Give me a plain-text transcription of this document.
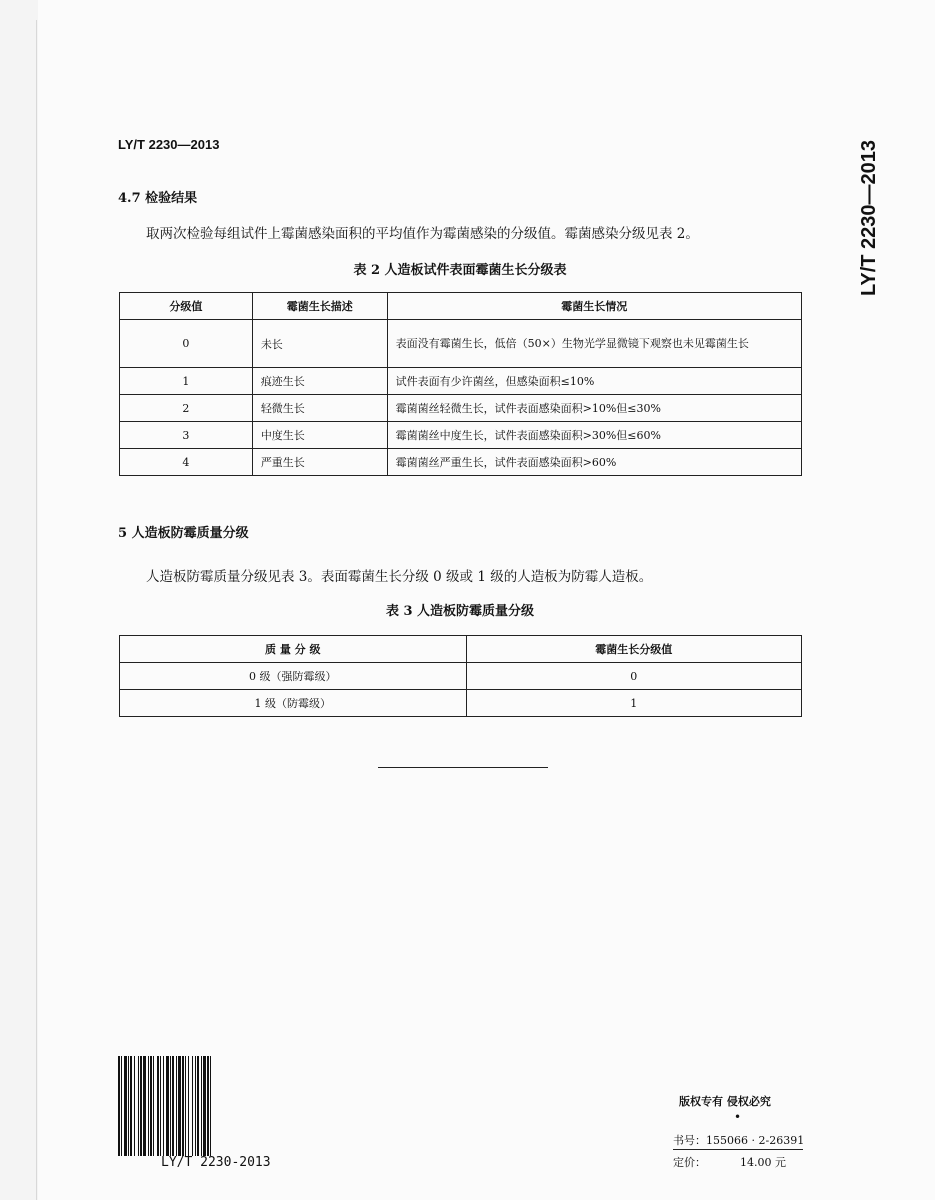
LY/T 2230—2013	LY/T 2230—2013
4.7 检验结果
取两次检验每组试件上霉菌感染面积的平均值作为霉菌感染的分级值。霉菌感染分级见表 2。
表 2 人造板试件表面霉菌生长分级表
分级值	霉菌生长描述	霉菌生长情况
0	未长	表面没有霉菌生长，低倍（50×）生物光学显微镜下观察也未见霉菌生长
1	痕迹生长	试件表面有少许菌丝，但感染面积≤10%
2	轻微生长	霉菌菌丝轻微生长，试件表面感染面积>10%但≤30%
3	中度生长	霉菌菌丝中度生长，试件表面感染面积>30%但≤60%
4	严重生长	霉菌菌丝严重生长，试件表面感染面积>60%
5 人造板防霉质量分级
人造板防霉质量分级见表 3。表面霉菌生长分级 0 级或 1 级的人造板为防霉人造板。
表 3 人造板防霉质量分级
质 量 分 级	霉菌生长分级值
0 级（强防霉级）	0
1 级（防霉级）	1
LY/T 2230-2013
版权专有 侵权必究
•
书号：155066 · 2-26391
定价：	14.00 元
